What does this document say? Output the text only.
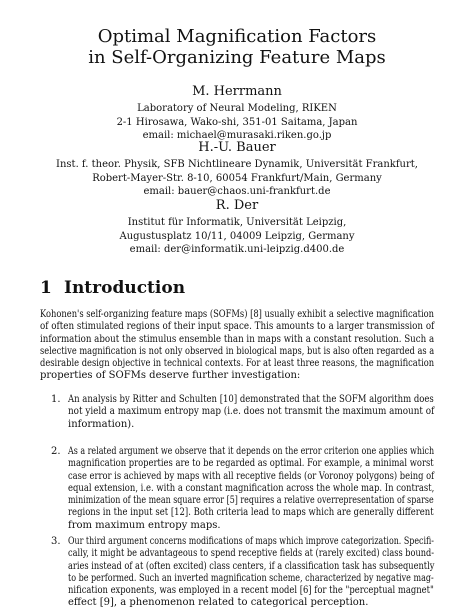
Optimal Magnification Factors
in Self-Organizing Feature Maps
M. Herrmann
Laboratory of Neural Modeling, RIKEN
2-1 Hirosawa, Wako-shi, 351-01 Saitama, Japan
email: michael@murasaki.riken.go.jp
H.-U. Bauer
Inst. f. theor. Physik, SFB Nichtlineare Dynamik, Universität Frankfurt,
Robert-Mayer-Str. 8-10, 60054 Frankfurt/Main, Germany
email: bauer@chaos.uni-frankfurt.de
R. Der
Institut für Informatik, Universität Leipzig,
Augustusplatz 10/11, 04009 Leipzig, Germany
email: der@informatik.uni-leipzig.d400.de
1 Introduction
Kohonen's self-organizing feature maps (SOFMs) [8] usually exhibit a selective magnification
of often stimulated regions of their input space. This amounts to a larger transmission of
information about the stimulus ensemble than in maps with a constant resolution. Such a
selective magnification is not only observed in biological maps, but is also often regarded as a
desirable design objective in technical contexts. For at least three reasons, the magnification
properties of SOFMs deserve further investigation:
1. An analysis by Ritter and Schulten [10] demonstrated that the SOFM algorithm does
not yield a maximum entropy map (i.e. does not transmit the maximum amount of
information).
2. As a related argument we observe that it depends on the error criterion one applies which
magnification properties are to be regarded as optimal. For example, a minimal worst
case error is achieved by maps with all receptive fields (or Voronoy polygons) being of
equal extension, i.e. with a constant magnification across the whole map. In contrast,
minimization of the mean square error [5] requires a relative overrepresentation of sparse
regions in the input set [12]. Both criteria lead to maps which are generally different
from maximum entropy maps.
3. Our third argument concerns modifications of maps which improve categorization. Specifi-
cally, it might be advantageous to spend receptive fields at (rarely excited) class bound-
aries instead of at (often excited) class centers, if a classification task has subsequently
to be performed. Such an inverted magnification scheme, characterized by negative mag-
nification exponents, was employed in a recent model [6] for the "perceptual magnet"
effect [9], a phenomenon related to categorical perception.
